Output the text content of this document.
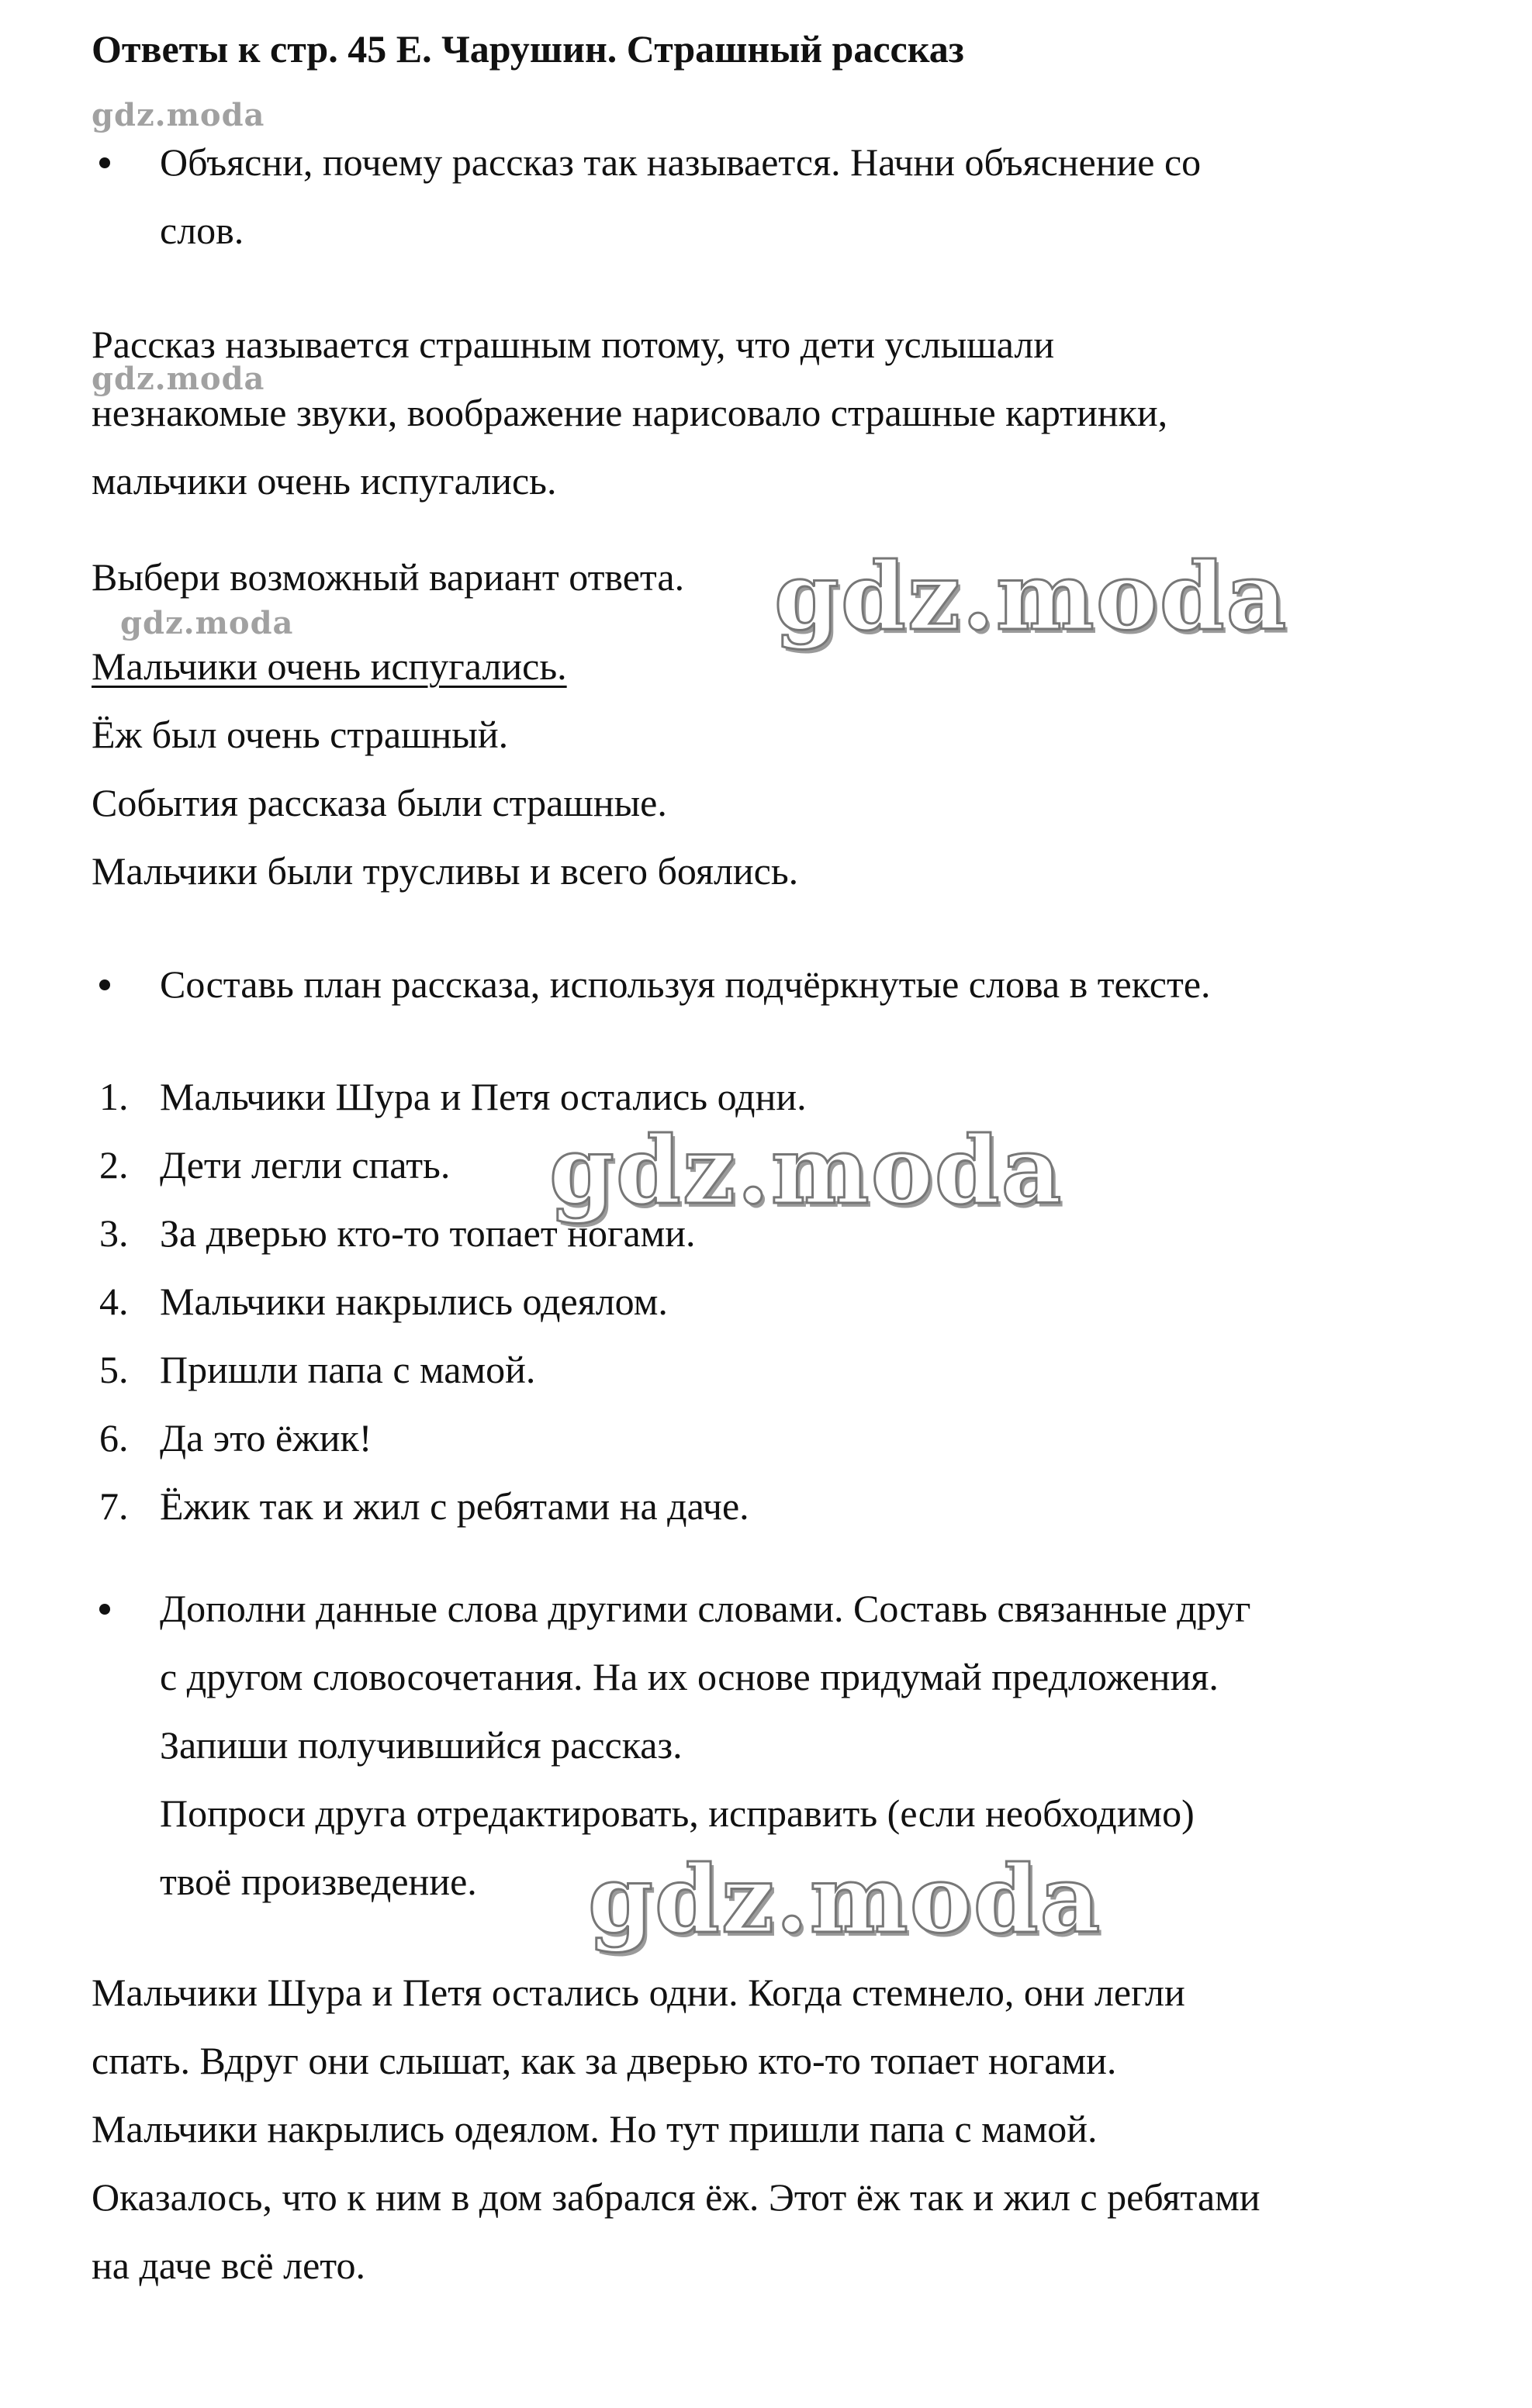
Ответы к стр. 45 Е. Чарушин. Страшный рассказ
Объясни, почему рассказ так называется. Начни объяснение со
слов.
Рассказ называется страшным потому, что дети услышали
незнакомые звуки, воображение нарисовало страшные картинки,
мальчики очень испугались.
Выбери возможный вариант ответа.
Мальчики очень испугались.
Ёж был очень страшный.
События рассказа были страшные.
Мальчики были трусливы и всего боялись.
Составь план рассказа, используя подчёркнутые слова в тексте.
1. Мальчики Шура и Петя остались одни.
2. Дети легли спать.
3. За дверью кто-то топает ногами.
4. Мальчики накрылись одеялом.
5. Пришли папа с мамой.
6. Да это ёжик!
7. Ёжик так и жил с ребятами на даче.
Дополни данные слова другими словами. Составь связанные друг
с другом словосочетания. На их основе придумай предложения.
Запиши получившийся рассказ.
Попроси друга отредактировать, исправить (если необходимо)
твоё произведение.
Мальчики Шура и Петя остались одни. Когда стемнело, они легли
спать. Вдруг они слышат, как за дверью кто-то топает ногами.
Мальчики накрылись одеялом. Но тут пришли папа с мамой.
Оказалось, что к ним в дом забрался ёж. Этот ёж так и жил с ребятами
на даче всё лето.
gdz.moda
gdz.moda
gdz.moda	gdz.moda
gdz.moda
gdz.moda
